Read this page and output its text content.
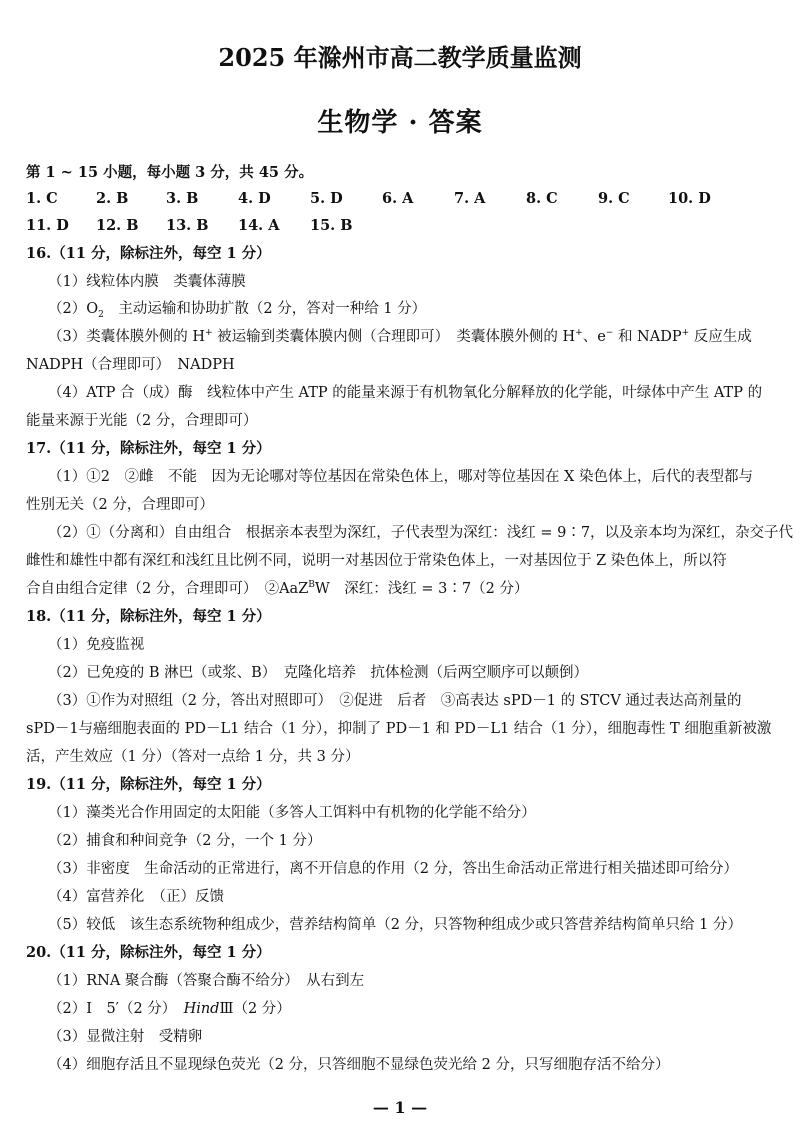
2025 年滁州市高二教学质量监测
生物学 · 答案
第 1 ~ 15 小题，每小题 3 分，共 45 分。
1. C	2. B	3. B	4. D	5. D	6. A	7. A	8. C	9. C	10. D
11. D 12. B 13. B 14. A 15. B
16.（11 分，除标注外，每空 1 分）
（1）线粒体内膜　类囊体薄膜
$(2)O_2$　主动运输和协助扩散（2 分，答对一种给 1 分）
（3）类囊体膜外侧的 H+ 被运输到类囊体膜内侧（合理即可）　类囊体膜外侧的 H+、e− 和 NADP+ 反应生成
NADPH（合理即可）　NADPH
（4）ATP 合（成）酶　线粒体中产生 ATP 的能量来源于有机物氧化分解释放的化学能，叶绿体中产生 ATP 的
能量来源于光能（2 分，合理即可）
17.（11 分，除标注外，每空 1 分）
（1）①2　②雌　不能　因为无论哪对等位基因在常染色体上，哪对等位基因在 X 染色体上，后代的表型都与
性别无关（2 分，合理即可）
（2）①（分离和）自由组合　根据亲本表型为深红，子代表型为深红：浅红 = 9∶7，以及亲本均为深红，杂交子代
雌性和雄性中都有深红和浅红且比例不同，说明一对基因位于常染色体上，一对基因位于 Z 染色体上，所以符
合自由组合定律（2 分，合理即可）　②AaZ$^B$W　深红：浅红 = 3∶7（2 分）
18.（11 分，除标注外，每空 1 分）
（1）免疫监视
（2）已免疫的 B 淋巴（或浆、B）　克隆化培养　抗体检测（后两空顺序可以颠倒）
（3）①作为对照组（2 分，答出对照即可）　②促进　后者　③高表达 sPD－1 的 STCV 通过表达高剂量的
sPD－1与癌细胞表面的 PD－L1 结合（1 分），抑制了 PD－1 和 PD－L1 结合（1 分），细胞毒性 T 细胞重新被激
活，产生效应（1 分）（答对一点给 1 分，共 3 分）
19.（11 分，除标注外，每空 1 分）
（1）藻类光合作用固定的太阳能（多答人工饵料中有机物的化学能不给分）
（2）捕食和种间竞争（2 分，一个 1 分）
（3）非密度　生命活动的正常进行，离不开信息的作用（2 分，答出生命活动正常进行相关描述即可给分）
（4）富营养化　（正）反馈
（5）较低　该生态系统物种组成少，营养结构简单（2 分，只答物种组成少或只答营养结构简单只给 1 分）
20.（11 分，除标注外，每空 1 分）
（1）RNA 聚合酶（答聚合酶不给分）　从右到左
（2）Ⅰ　5′（2 分）　HindⅢ（2 分）
（3）显微注射　受精卵
（4）细胞存活且不显现绿色荧光（2 分，只答细胞不显绿色荧光给 2 分，只写细胞存活不给分）
— 1 —
